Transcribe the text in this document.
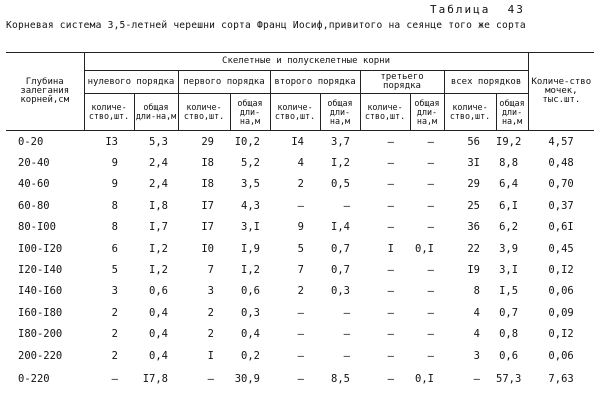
Таблица 43
Корневая система 3,5-летней черешни сорта Франц Иосиф,привитого на сеянце того же сорта
Глубина залегания корней,см	Скелетные и полускелетные корни										Количе-ство мочек, тыс.шт.
	нулевого порядка		первого порядка		второго порядка		третьего порядка		всех порядков		
	количе-ство,шт.	общая дли-на,м	количе-ство,шт.	общая дли-на,м	количе-ство,шт.	общая дли-на,м	количе-ство,шт.	общая дли-на,м	количе-ство,шт.	общая дли-на,м	
0-20	I3	5,3	29	I0,2	I4	3,7	–	–	56	I9,2	4,57
20-40	9	2,4	I8	5,2	4	I,2	–	–	3I	8,8	0,48
40-60	9	2,4	I8	3,5	2	0,5	–	–	29	6,4	0,70
60-80	8	I,8	I7	4,3	–	–	–	–	25	6,I	0,37
80-I00	8	I,7	I7	3,I	9	I,4	–	–	36	6,2	0,6I
I00-I20	6	I,2	I0	I,9	5	0,7	I	0,I	22	3,9	0,45
I20-I40	5	I,2	7	I,2	7	0,7	–	–	I9	3,I	0,I2
I40-I60	3	0,6	3	0,6	2	0,3	–	–	8	I,5	0,06
I60-I80	2	0,4	2	0,3	–	–	–	–	4	0,7	0,09
I80-200	2	0,4	2	0,4	–	–	–	–	4	0,8	0,I2
200-220	2	0,4	I	0,2	–	–	–	–	3	0,6	0,06
0-220	–	I7,8	–	30,9	–	8,5	–	0,I	–	57,3	7,63
